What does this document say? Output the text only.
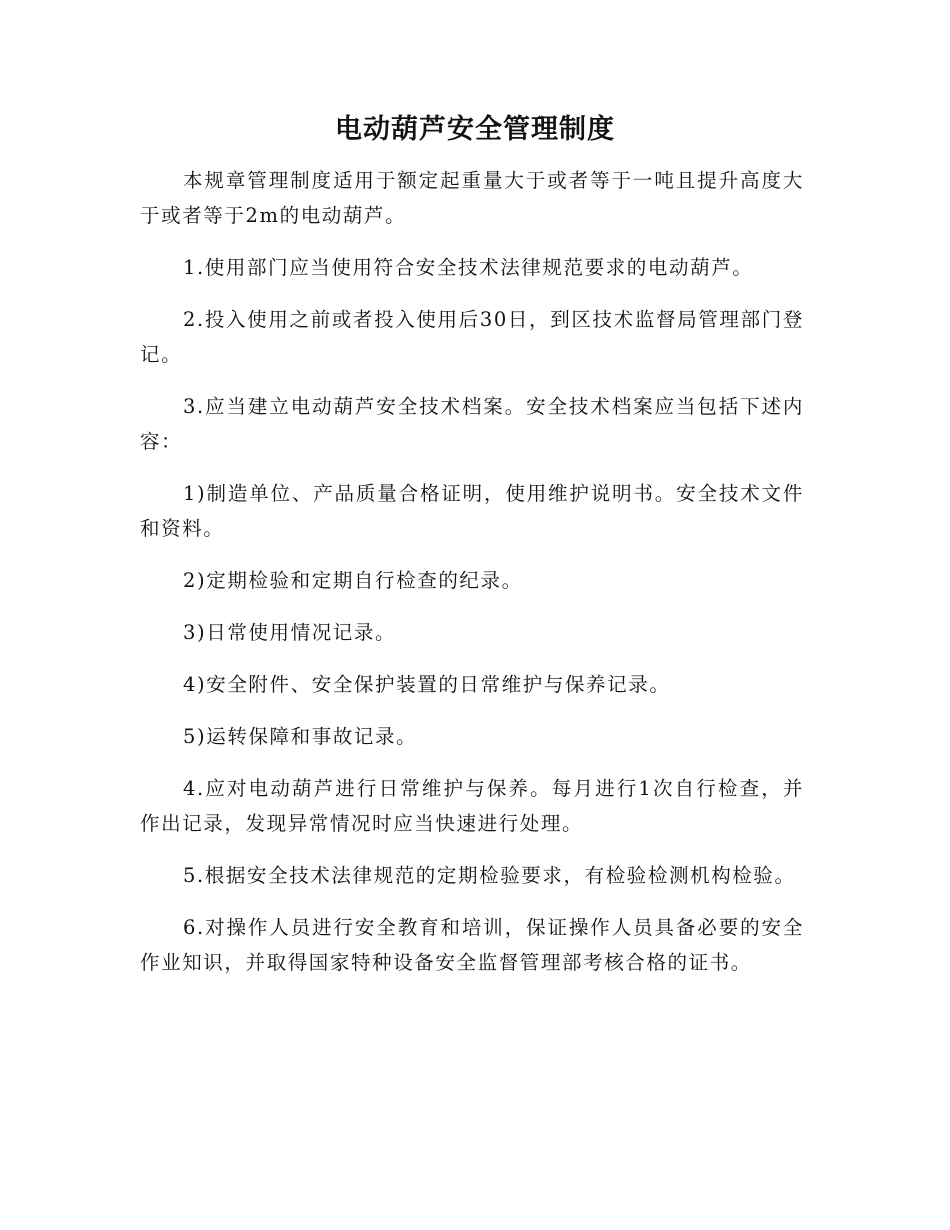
电动葫芦安全管理制度

本规章管理制度适用于额定起重量大于或者等于一吨且提升高度大于或者等于2m的电动葫芦。

1.使用部门应当使用符合安全技术法律规范要求的电动葫芦。

2.投入使用之前或者投入使用后30日，到区技术监督局管理部门登记。

3.应当建立电动葫芦安全技术档案。安全技术档案应当包括下述内容：

1)制造单位、产品质量合格证明，使用维护说明书。安全技术文件和资料。

2)定期检验和定期自行检查的纪录。

3)日常使用情况记录。

4)安全附件、安全保护装置的日常维护与保养记录。

5)运转保障和事故记录。

4.应对电动葫芦进行日常维护与保养。每月进行1次自行检查，并作出记录，发现异常情况时应当快速进行处理。

5.根据安全技术法律规范的定期检验要求，有检验检测机构检验。

6.对操作人员进行安全教育和培训，保证操作人员具备必要的安全作业知识，并取得国家特种设备安全监督管理部考核合格的证书。
